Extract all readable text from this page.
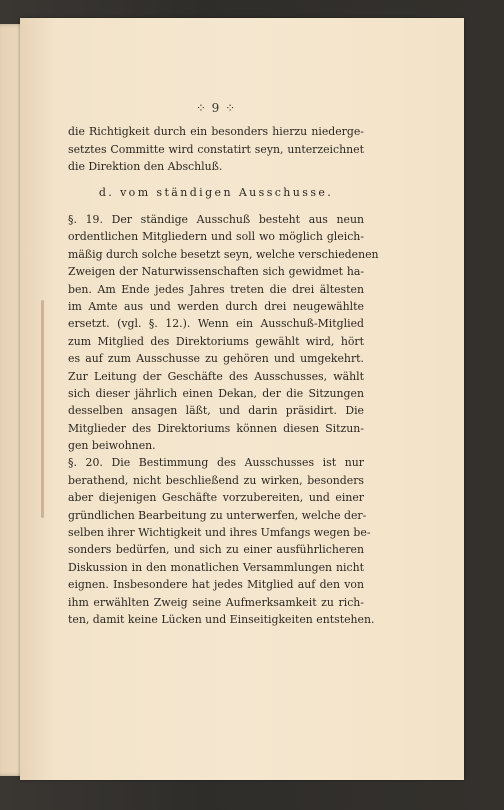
⁘ 9 ⁘
die Richtigkeit durch ein besonders hierzu niederge-
setztes Committe wird constatirt seyn, unterzeichnet
die Direktion den Abschluß.
d. vom ständigen Ausschusse.
§. 19. Der ständige Ausschuß besteht aus neun
ordentlichen Mitgliedern und soll wo möglich gleich-
mäßig durch solche besetzt seyn, welche verschiedenen
Zweigen der Naturwissenschaften sich gewidmet ha-
ben. Am Ende jedes Jahres treten die drei ältesten
im Amte aus und werden durch drei neugewählte
ersetzt. (vgl. §. 12.). Wenn ein Ausschuß-Mitglied
zum Mitglied des Direktoriums gewählt wird, hört
es auf zum Ausschusse zu gehören und umgekehrt.
Zur Leitung der Geschäfte des Ausschusses, wählt
sich dieser jährlich einen Dekan, der die Sitzungen
desselben ansagen läßt, und darin präsidirt. Die
Mitglieder des Direktoriums können diesen Sitzun-
gen beiwohnen.
§. 20. Die Bestimmung des Ausschusses ist nur
berathend, nicht beschließend zu wirken, besonders
aber diejenigen Geschäfte vorzubereiten, und einer
gründlichen Bearbeitung zu unterwerfen, welche der-
selben ihrer Wichtigkeit und ihres Umfangs wegen be-
sonders bedürfen, und sich zu einer ausführlicheren
Diskussion in den monatlichen Versammlungen nicht
eignen. Insbesondere hat jedes Mitglied auf den von
ihm erwählten Zweig seine Aufmerksamkeit zu rich-
ten, damit keine Lücken und Einseitigkeiten entstehen.
